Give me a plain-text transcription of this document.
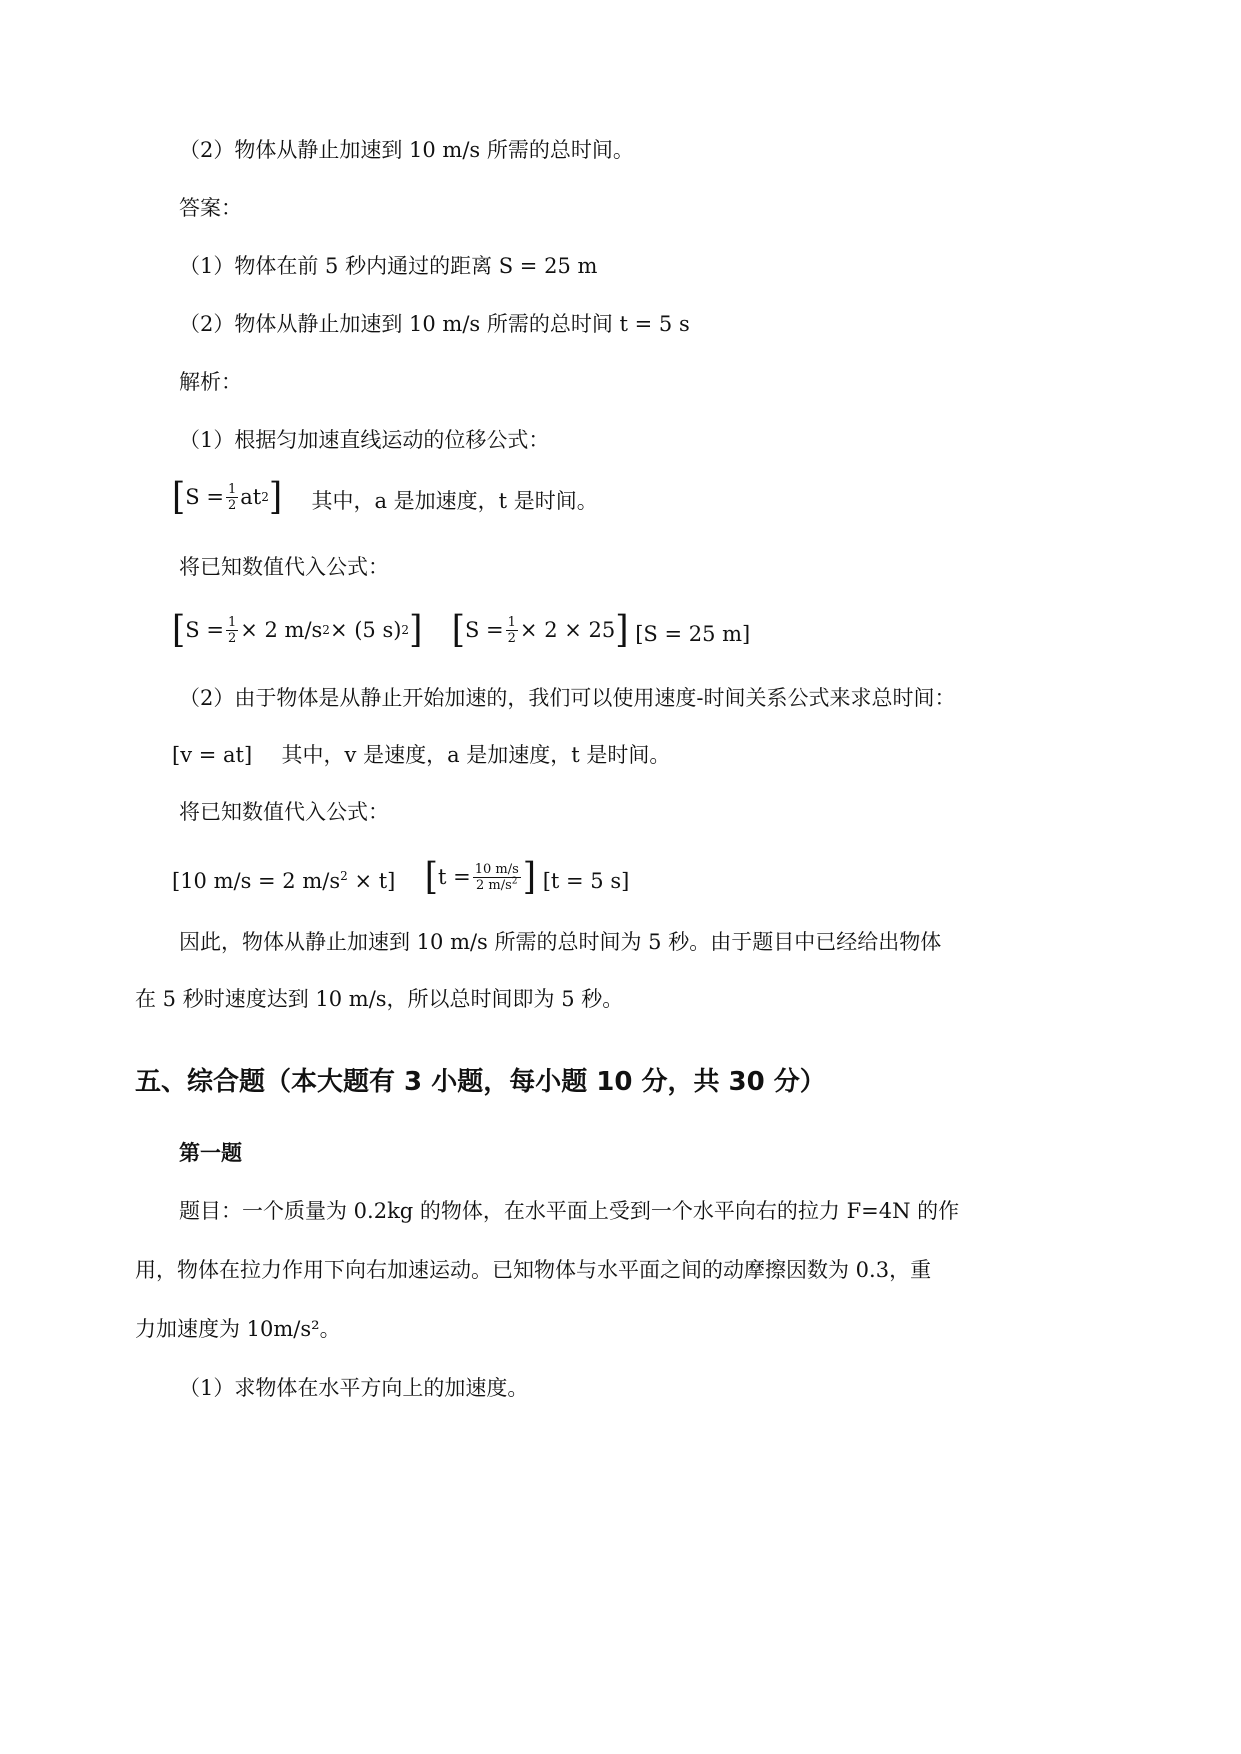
（2）物体从静止加速到 10 m/s 所需的总时间。
答案：
（1）物体在前 5 秒内通过的距离 S = 25 m
（2）物体从静止加速到 10 m/s 所需的总时间 t = 5 s
解析：
（1）根据匀加速直线运动的位移公式：
[ $S = \frac{1}{2}$ at 2 ] 其中，a 是加速度，t 是时间。
将已知数值代入公式：
[ $S = \frac{1}{2} \times 2$ m/s 2 × (5 s) 2 ]
[ $S = \frac{1}{2} \times 2 \times 25$ ] [S = 25 m]
（2）由于物体是从静止开始加速的，我们可以使用速度-时间关系公式来求总时间：
[v = at] 其中，v 是速度，a 是加速度，t 是时间。
将已知数值代入公式：
[10 m/s = 2 $m/s^2 \times t$] [ $t = \frac{10 m/s}{2 m/s^2}$ ] [t = 5 s]
因此，物体从静止加速到 10 m/s 所需的总时间为 5 秒。由于题目中已经给出物体
在 5 秒时速度达到 10 m/s，所以总时间即为 5 秒。
五、综合题（本大题有 3 小题，每小题 10 分，共 30 分）
第一题
题目：一个质量为 0.2kg 的物体，在水平面上受到一个水平向右的拉力 F=4N 的作
用，物体在拉力作用下向右加速运动。已知物体与水平面之间的动摩擦因数为 0.3，重
力加速度为 10m/s²。
（1）求物体在水平方向上的加速度。
